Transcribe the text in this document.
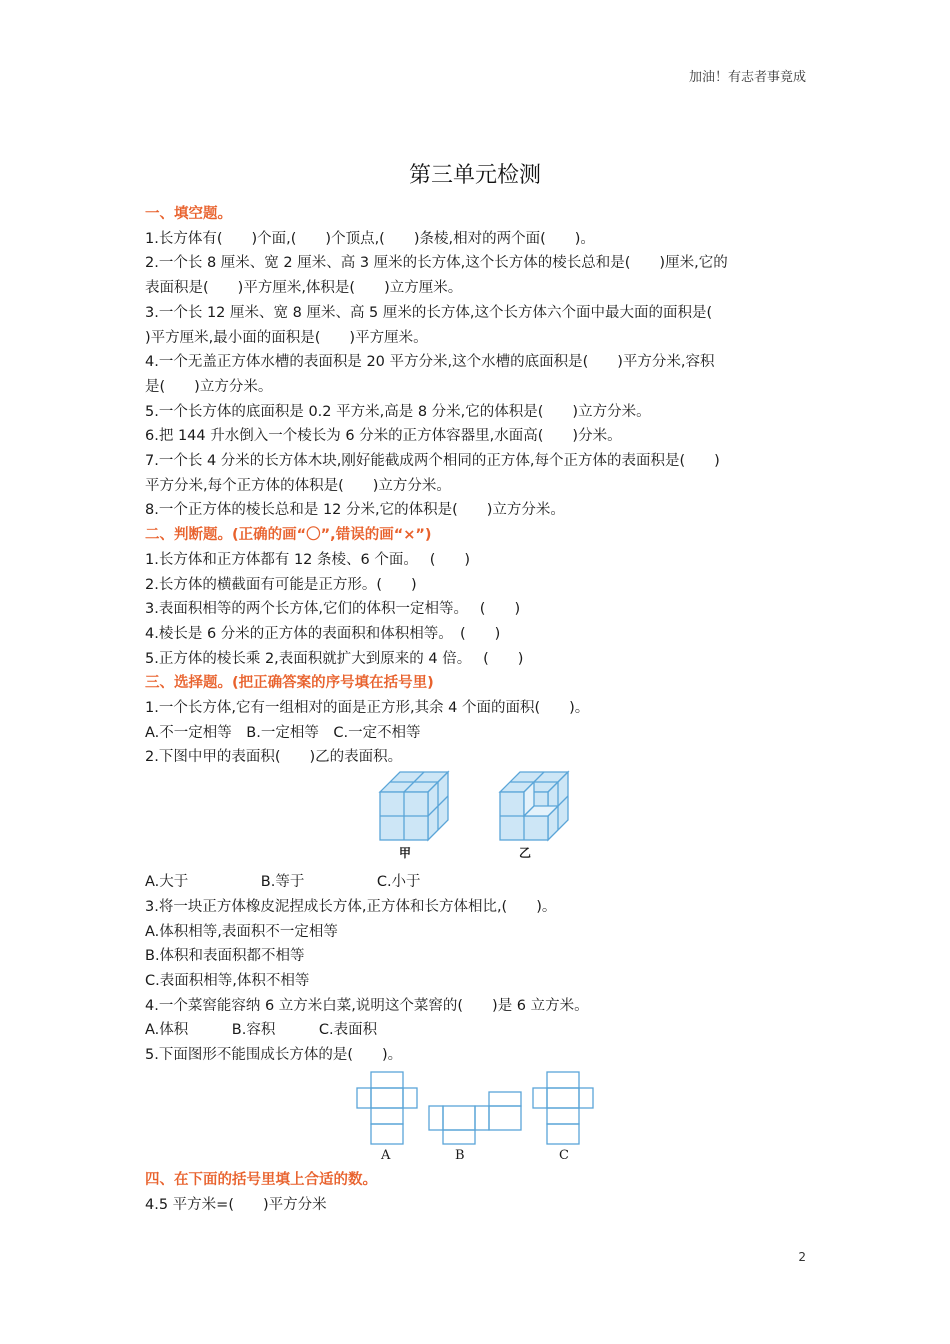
加油！有志者事竟成
第三单元检测
一、填空题。
1.长方体有(　　)个面,(　　)个顶点,(　　)条棱,相对的两个面(　　)。
2.一个长 8 厘米、宽 2 厘米、高 3 厘米的长方体,这个长方体的棱长总和是(　　)厘米,它的
表面积是(　　)平方厘米,体积是(　　)立方厘米。
3.一个长 12 厘米、宽 8 厘米、高 5 厘米的长方体,这个长方体六个面中最大面的面积是(
)平方厘米,最小面的面积是(　　)平方厘米。
4.一个无盖正方体水槽的表面积是 20 平方分米,这个水槽的底面积是(　　)平方分米,容积
是(　　)立方分米。
5.一个长方体的底面积是 0.2 平方米,高是 8 分米,它的体积是(　　)立方分米。
6.把 144 升水倒入一个棱长为 6 分米的正方体容器里,水面高(　　)分米。
7.一个长 4 分米的长方体木块,刚好能截成两个相同的正方体,每个正方体的表面积是(　　)
平方分米,每个正方体的体积是(　　)立方分米。
8.一个正方体的棱长总和是 12 分米,它的体积是(　　)立方分米。
二、判断题。(正确的画“〇”,错误的画“×”)
1.长方体和正方体都有 12 条棱、6 个面。　 (　　)
2.长方体的横截面有可能是正方形。(　　)
3.表面积相等的两个长方体,它们的体积一定相等。　 (　　)
4.棱长是 6 分米的正方体的表面积和体积相等。　(　　)
5.正方体的棱长乘 2,表面积就扩大到原来的 4 倍。　 (　　)
三、选择题。(把正确答案的序号填在括号里)
1.一个长方体,它有一组相对的面是正方形,其余 4 个面的面积(　　)。
A.不一定相等　B.一定相等　C.一定不相等
2.下图中甲的表面积(　　)乙的表面积。
甲	乙
A.大于　　　　　B.等于　　　　　C.小于
3.将一块正方体橡皮泥捏成长方体,正方体和长方体相比,(　　)。
A.体积相等,表面积不一定相等
B.体积和表面积都不相等
C.表面积相等,体积不相等
4.一个菜窖能容纳 6 立方米白菜,说明这个菜窖的(　　)是 6 立方米。
A.体积　　　B.容积　　　C.表面积
5.下面图形不能围成长方体的是(　　)。
A	B	C
四、在下面的括号里填上合适的数。
4.5 平方米=(　　)平方分米
2
